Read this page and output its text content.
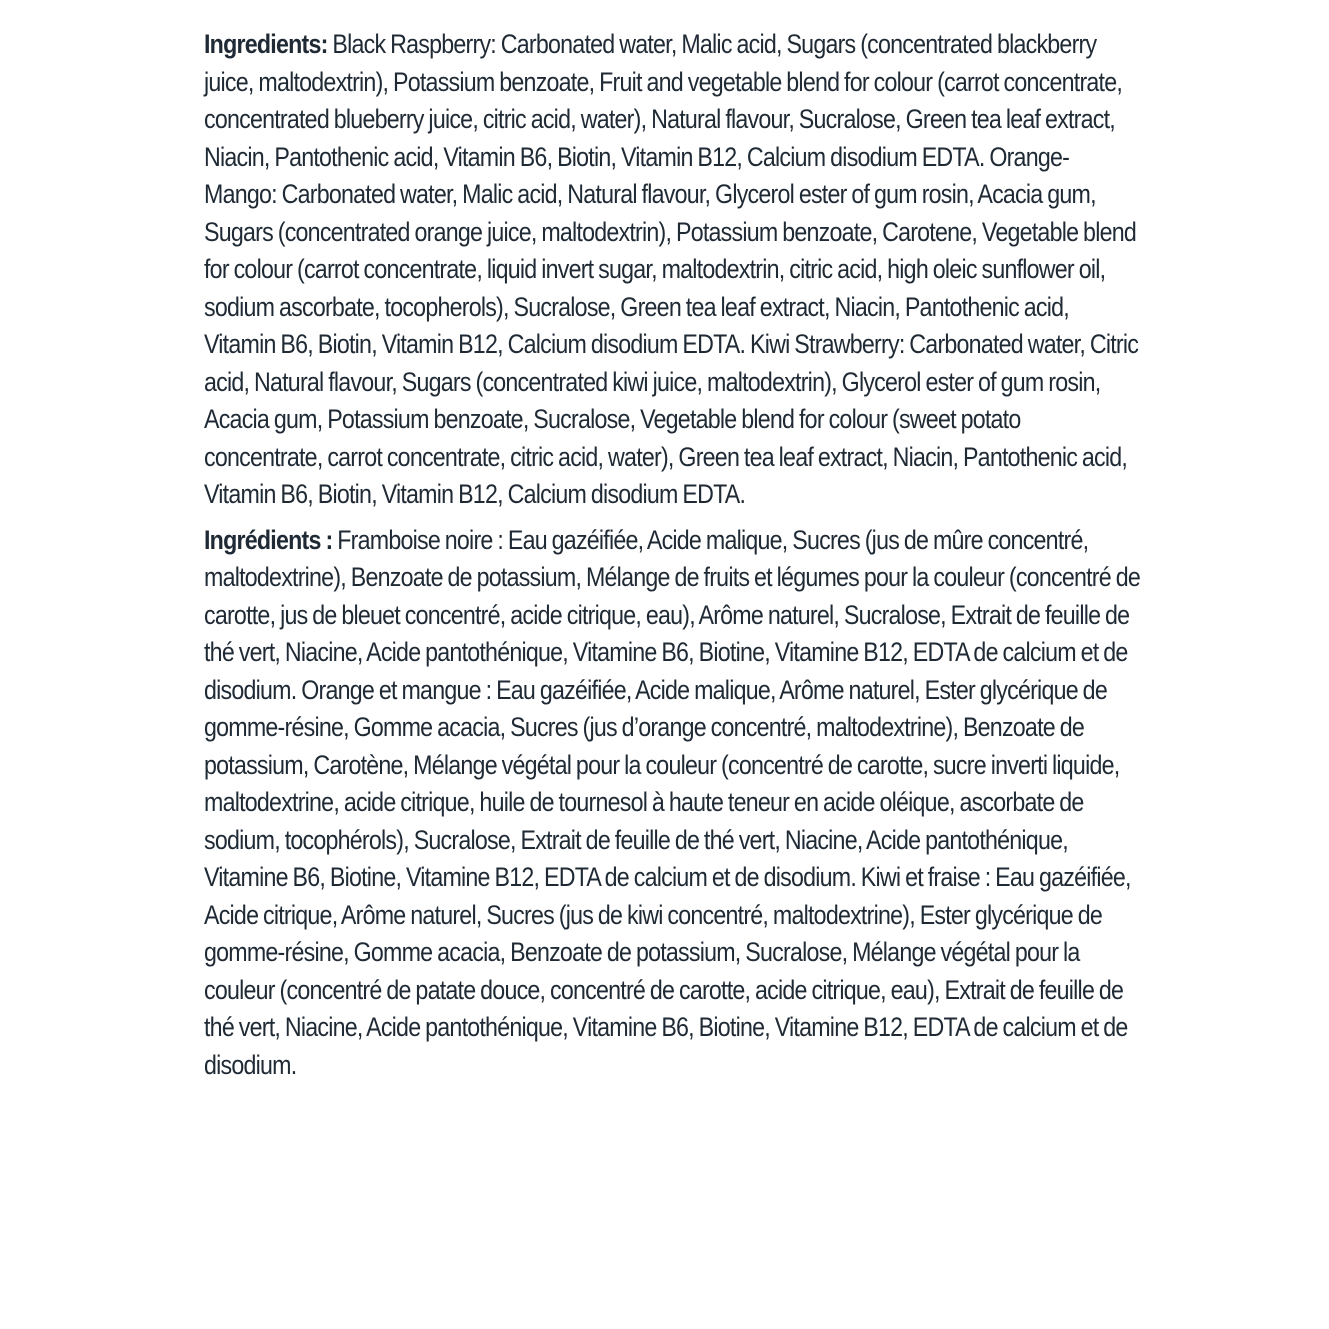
Ingredients: Black Raspberry: Carbonated water, Malic acid, Sugars (concentrated blackberry juice, maltodextrin), Potassium benzoate, Fruit and vegetable blend for colour (carrot concentrate, concentrated blueberry juice, citric acid, water), Natural flavour, Sucralose, Green tea leaf extract, Niacin, Pantothenic acid, Vitamin B6, Biotin, Vitamin B12, Calcium disodium EDTA. Orange-Mango: Carbonated water, Malic acid, Natural flavour, Glycerol ester of gum rosin, Acacia gum, Sugars (concentrated orange juice, maltodextrin), Potassium benzoate, Carotene, Vegetable blend for colour (carrot concentrate, liquid invert sugar, maltodextrin, citric acid, high oleic sunflower oil, sodium ascorbate, tocopherols), Sucralose, Green tea leaf extract, Niacin, Pantothenic acid, Vitamin B6, Biotin, Vitamin B12, Calcium disodium EDTA. Kiwi Strawberry: Carbonated water, Citric acid, Natural flavour, Sugars (concentrated kiwi juice, maltodextrin), Glycerol ester of gum rosin, Acacia gum, Potassium benzoate, Sucralose, Vegetable blend for colour (sweet potato concentrate, carrot concentrate, citric acid, water), Green tea leaf extract, Niacin, Pantothenic acid, Vitamin B6, Biotin, Vitamin B12, Calcium disodium EDTA.

Ingrédients : Framboise noire : Eau gazéifiée, Acide malique, Sucres (jus de mûre concentré, maltodextrine), Benzoate de potassium, Mélange de fruits et légumes pour la couleur (concentré de carotte, jus de bleuet concentré, acide citrique, eau), Arôme naturel, Sucralose, Extrait de feuille de thé vert, Niacine, Acide pantothénique, Vitamine B6, Biotine, Vitamine B12, EDTA de calcium et de disodium. Orange et mangue : Eau gazéifiée, Acide malique, Arôme naturel, Ester glycérique de gomme-résine, Gomme acacia, Sucres (jus d’orange concentré, maltodextrine), Benzoate de potassium, Carotène, Mélange végétal pour la couleur (concentré de carotte, sucre inverti liquide, maltodextrine, acide citrique, huile de tournesol à haute teneur en acide oléique, ascorbate de sodium, tocophérols), Sucralose, Extrait de feuille de thé vert, Niacine, Acide pantothénique, Vitamine B6, Biotine, Vitamine B12, EDTA de calcium et de disodium. Kiwi et fraise : Eau gazéifiée, Acide citrique, Arôme naturel, Sucres (jus de kiwi concentré, maltodextrine), Ester glycérique de gomme-résine, Gomme acacia, Benzoate de potassium, Sucralose, Mélange végétal pour la couleur (concentré de patate douce, concentré de carotte, acide citrique, eau), Extrait de feuille de thé vert, Niacine, Acide pantothénique, Vitamine B6, Biotine, Vitamine B12, EDTA de calcium et de disodium.
